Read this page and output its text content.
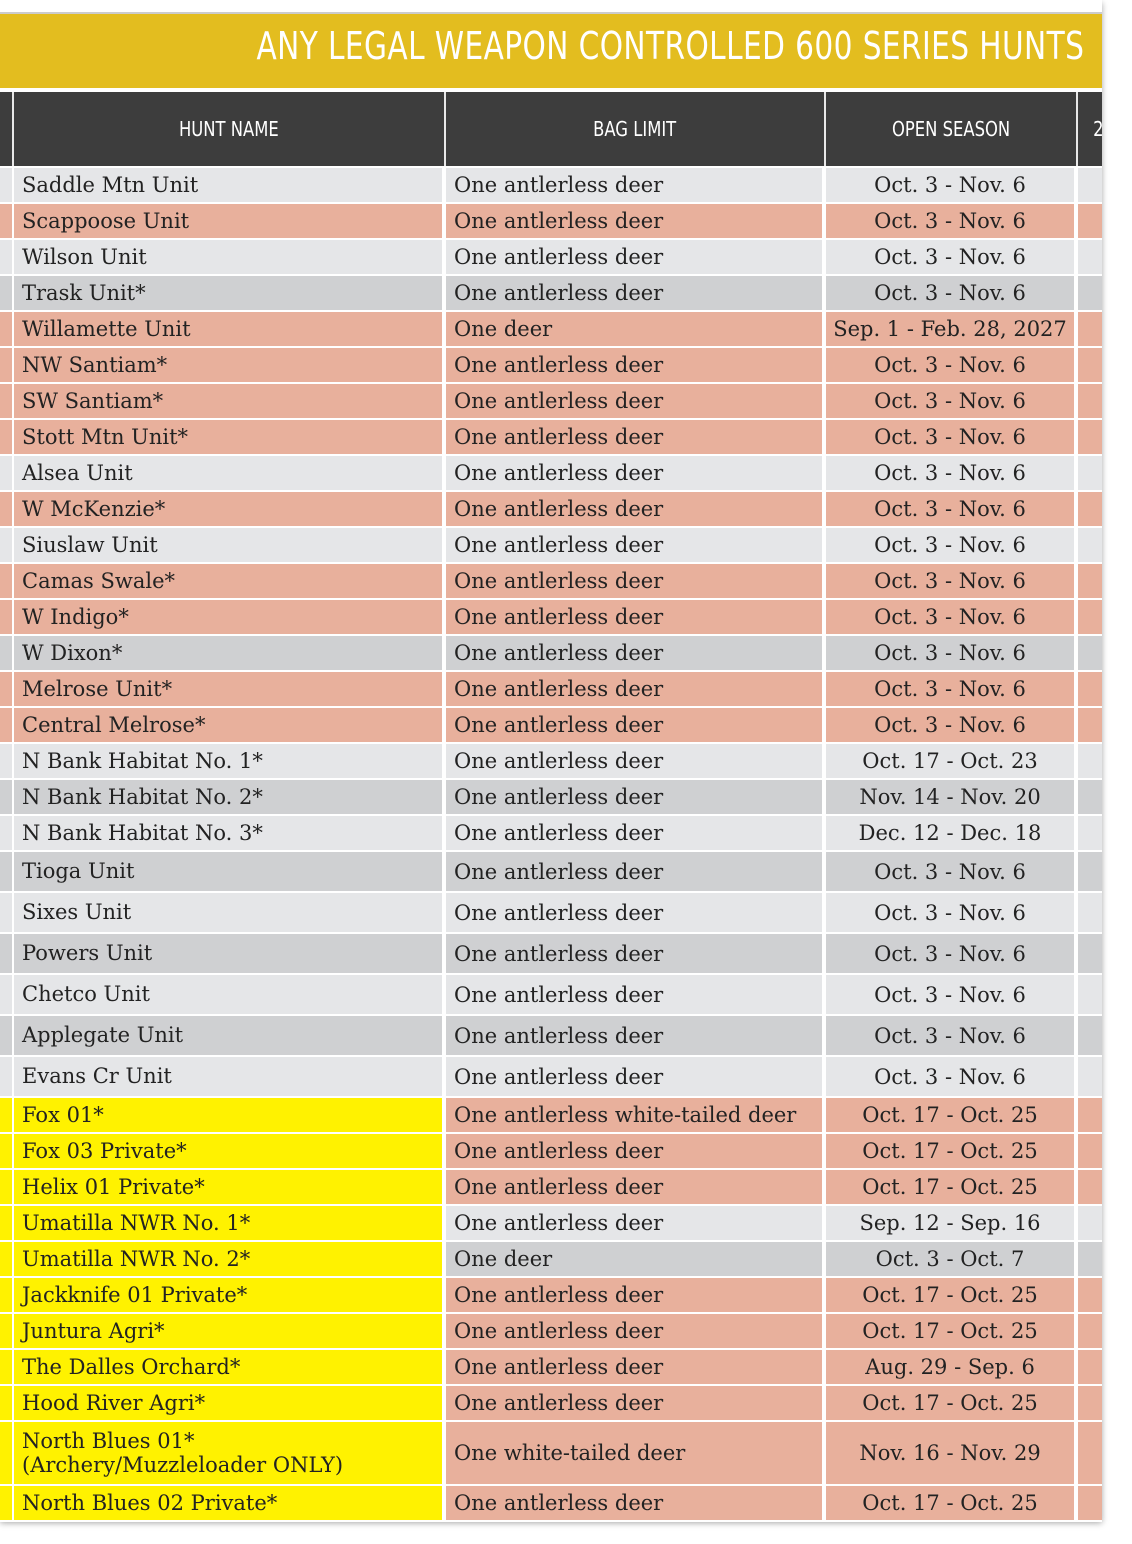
ANY LEGAL WEAPON CONTROLLED 600 SERIES HUNTS
HUNT NAME	BAG LIMIT	OPEN SEASON	2
Saddle Mtn Unit	One antlerless deer	Oct. 3 - Nov. 6
Scappoose Unit	One antlerless deer	Oct. 3 - Nov. 6
Wilson Unit	One antlerless deer	Oct. 3 - Nov. 6
Trask Unit*	One antlerless deer	Oct. 3 - Nov. 6
Willamette Unit	One deer	Sep. 1 - Feb. 28, 2027
NW Santiam*	One antlerless deer	Oct. 3 - Nov. 6
SW Santiam*	One antlerless deer	Oct. 3 - Nov. 6
Stott Mtn Unit*	One antlerless deer	Oct. 3 - Nov. 6
Alsea Unit	One antlerless deer	Oct. 3 - Nov. 6
W McKenzie*	One antlerless deer	Oct. 3 - Nov. 6
Siuslaw Unit	One antlerless deer	Oct. 3 - Nov. 6
Camas Swale*	One antlerless deer	Oct. 3 - Nov. 6
W Indigo*	One antlerless deer	Oct. 3 - Nov. 6
W Dixon*	One antlerless deer	Oct. 3 - Nov. 6
Melrose Unit*	One antlerless deer	Oct. 3 - Nov. 6
Central Melrose*	One antlerless deer	Oct. 3 - Nov. 6
N Bank Habitat No. 1*	One antlerless deer	Oct. 17 - Oct. 23
N Bank Habitat No. 2*	One antlerless deer	Nov. 14 - Nov. 20
N Bank Habitat No. 3*	One antlerless deer	Dec. 12 - Dec. 18
Tioga Unit	One antlerless deer	Oct. 3 - Nov. 6
Sixes Unit	One antlerless deer	Oct. 3 - Nov. 6
Powers Unit	One antlerless deer	Oct. 3 - Nov. 6
Chetco Unit	One antlerless deer	Oct. 3 - Nov. 6
Applegate Unit	One antlerless deer	Oct. 3 - Nov. 6
Evans Cr Unit	One antlerless deer	Oct. 3 - Nov. 6
Fox 01*	One antlerless white-tailed deer	Oct. 17 - Oct. 25
Fox 03 Private*	One antlerless deer	Oct. 17 - Oct. 25
Helix 01 Private*	One antlerless deer	Oct. 17 - Oct. 25
Umatilla NWR No. 1*	One antlerless deer	Sep. 12 - Sep. 16
Umatilla NWR No. 2*	One deer	Oct. 3 - Oct. 7
Jackknife 01 Private*	One antlerless deer	Oct. 17 - Oct. 25
Juntura Agri*	One antlerless deer	Oct. 17 - Oct. 25
The Dalles Orchard*	One antlerless deer	Aug. 29 - Sep. 6
Hood River Agri*	One antlerless deer	Oct. 17 - Oct. 25
North Blues 01*
(Archery/Muzzleloader ONLY)	One white-tailed deer	Nov. 16 - Nov. 29
North Blues 02 Private*	One antlerless deer	Oct. 17 - Oct. 25
